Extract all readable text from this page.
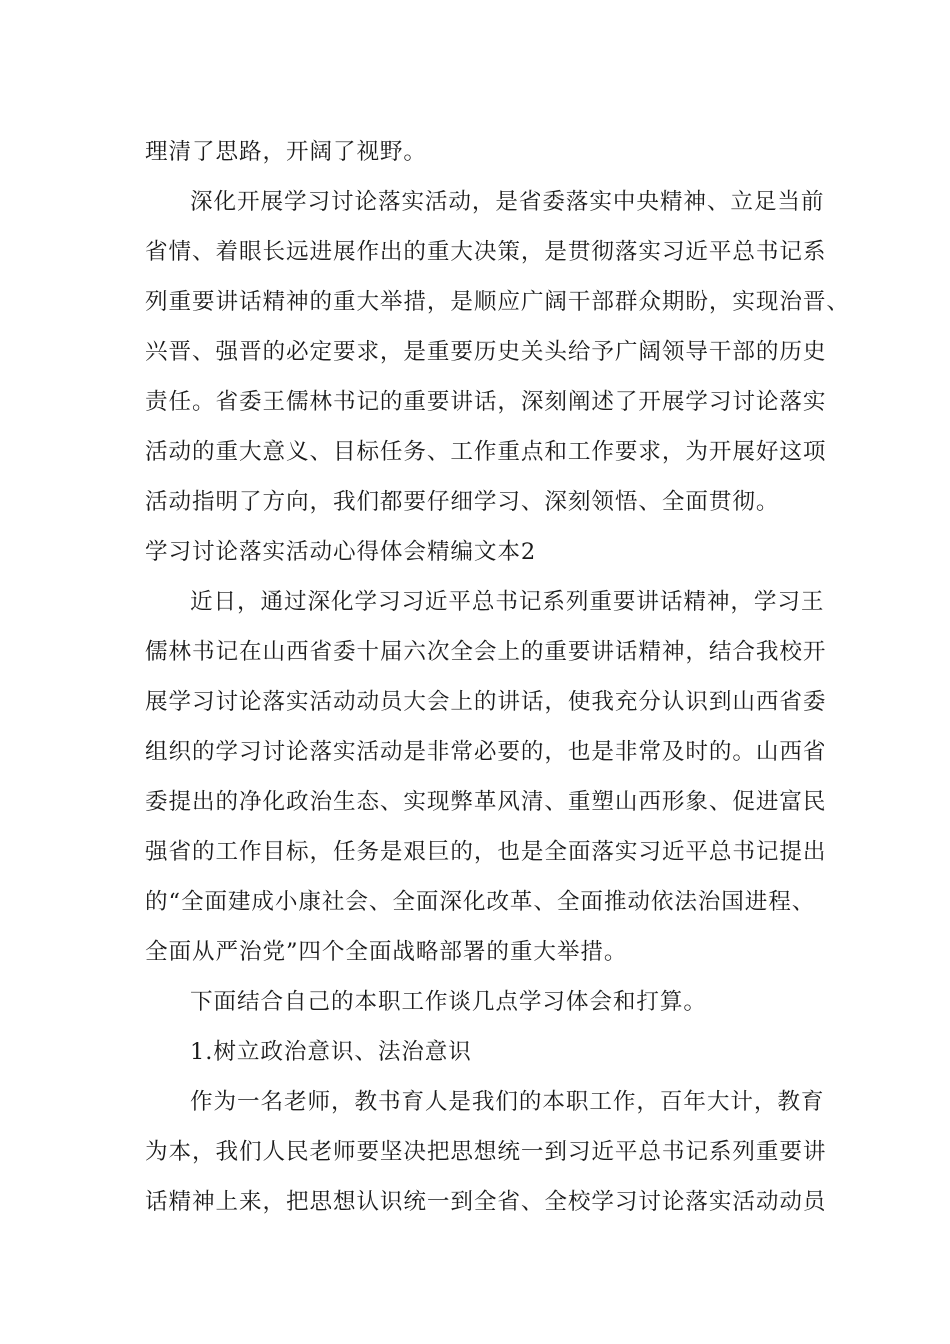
理清了思路，开阔了视野。
深化开展学习讨论落实活动，是省委落实中央精神、立足当前
省情、着眼长远进展作出的重大决策，是贯彻落实习近平总书记系
列重要讲话精神的重大举措，是顺应广阔干部群众期盼，实现治晋、
兴晋、强晋的必定要求，是重要历史关头给予广阔领导干部的历史
责任。省委王儒林书记的重要讲话，深刻阐述了开展学习讨论落实
活动的重大意义、目标任务、工作重点和工作要求，为开展好这项
活动指明了方向，我们都要仔细学习、深刻领悟、全面贯彻。
学习讨论落实活动心得体会精编文本2
近日，通过深化学习习近平总书记系列重要讲话精神，学习王
儒林书记在山西省委十届六次全会上的重要讲话精神，结合我校开
展学习讨论落实活动动员大会上的讲话，使我充分认识到山西省委
组织的学习讨论落实活动是非常必要的，也是非常及时的。山西省
委提出的净化政治生态、实现弊革风清、重塑山西形象、促进富民
强省的工作目标，任务是艰巨的，也是全面落实习近平总书记提出
的“全面建成小康社会、全面深化改革、全面推动依法治国进程、
全面从严治党”四个全面战略部署的重大举措。
下面结合自己的本职工作谈几点学习体会和打算。
1.树立政治意识、法治意识
作为一名老师，教书育人是我们的本职工作，百年大计，教育
为本，我们人民老师要坚决把思想统一到习近平总书记系列重要讲
话精神上来，把思想认识统一到全省、全校学习讨论落实活动动员
